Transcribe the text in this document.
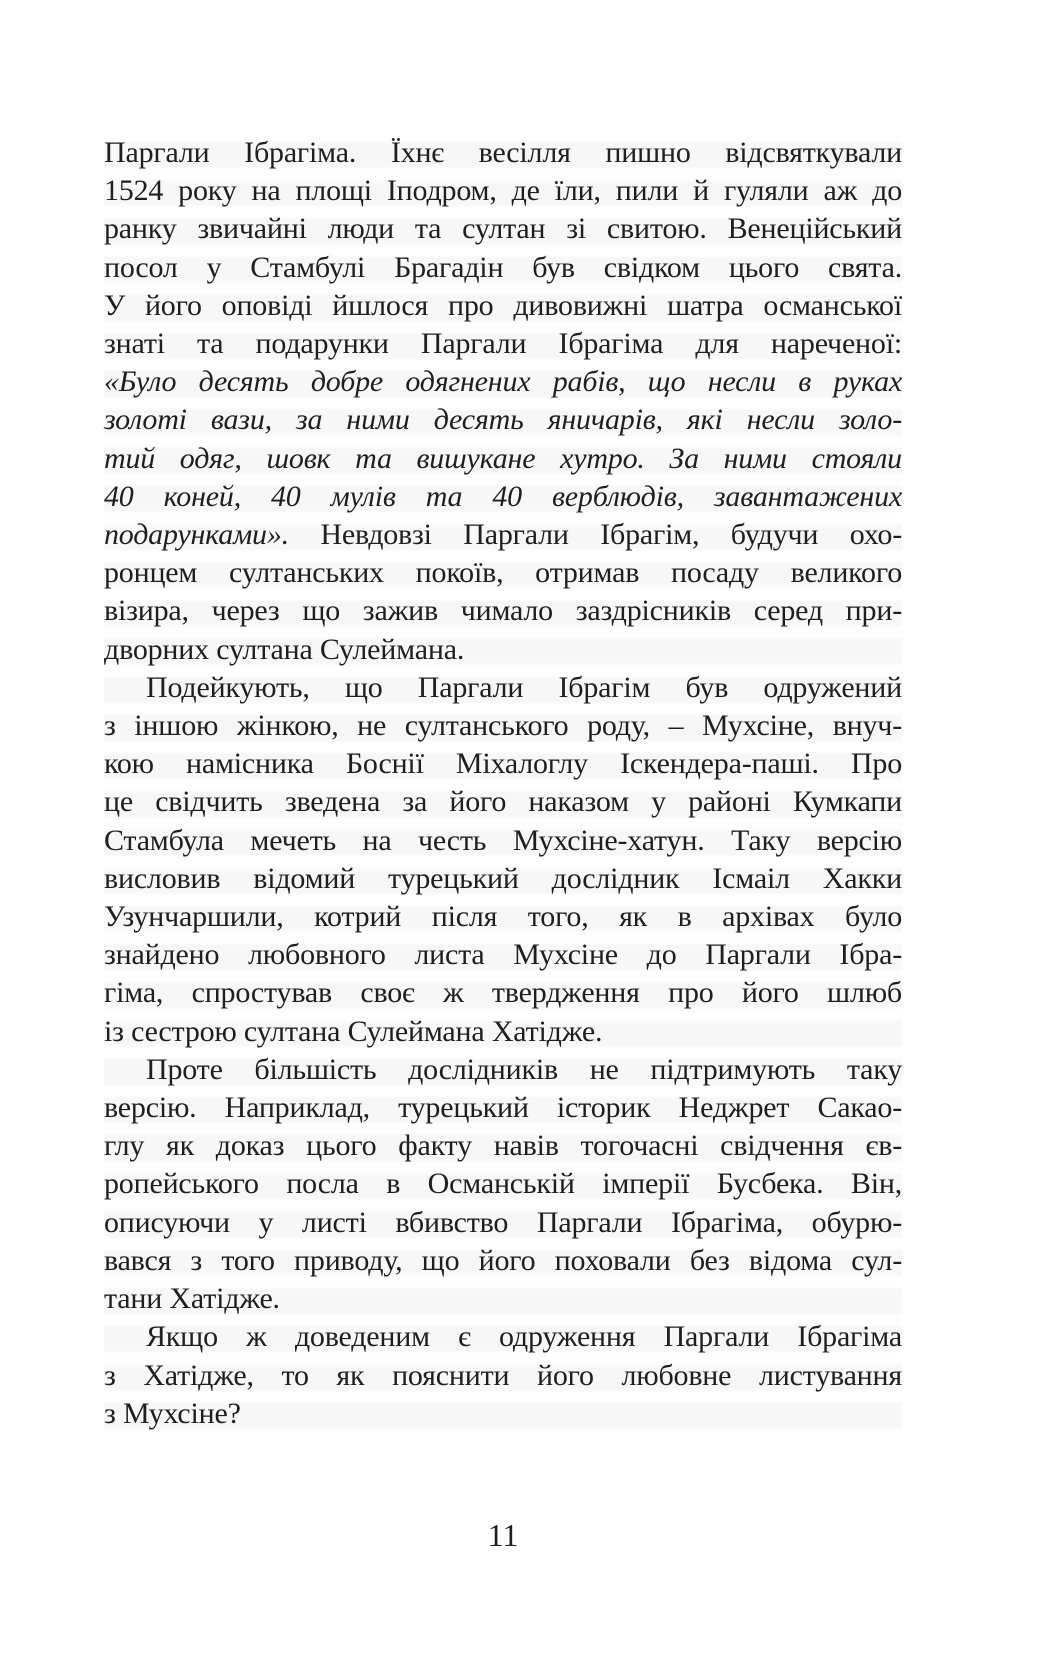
Паргали Ібрагіма. Їхнє весілля пишно відсвяткували
1524 року на площі Іподром, де їли, пили й гуляли аж до
ранку звичайні люди та султан зі свитою. Венеційський
посол у Стамбулі Брагадін був свідком цього свята.
У його оповіді йшлося про дивовижні шатра османської
знаті та подарунки Паргали Ібрагіма для нареченої:
«Було десять добре одягнених рабів, що несли в руках
золоті вази, за ними десять яничарів, які несли золо-
тий одяг, шовк та вишукане хутро. За ними стояли
40 коней, 40 мулів та 40 верблюдів, завантажених
подарунками». Невдовзі Паргали Ібрагім, будучи охо-
ронцем султанських покоїв, отримав посаду великого
візира, через що зажив чимало заздрісників серед при-
дворних султана Сулеймана.
Подейкують, що Паргали Ібрагім був одружений
з іншою жінкою, не султанського роду, – Мухсіне, внуч-
кою намісника Боснії Міхалоглу Іскендера-паші. Про
це свідчить зведена за його наказом у районі Кумкапи
Стамбула мечеть на честь Мухсіне-хатун. Таку версію
висловив відомий турецький дослідник Ісмаіл Хакки
Узунчаршили, котрий після того, як в архівах було
знайдено любовного листа Мухсіне до Паргали Ібра-
гіма, спростував своє ж твердження про його шлюб
із сестрою султана Сулеймана Хатідже.
Проте більшість дослідників не підтримують таку
версію. Наприклад, турецький історик Неджрет Сакао-
глу як доказ цього факту навів тогочасні свідчення єв-
ропейського посла в Османській імперії Бусбека. Він,
описуючи у листі вбивство Паргали Ібрагіма, обурю-
вався з того приводу, що його поховали без відома сул-
тани Хатідже.
Якщо ж доведеним є одруження Паргали Ібрагіма
з Хатідже, то як пояснити його любовне листування
з Мухсіне?
11
